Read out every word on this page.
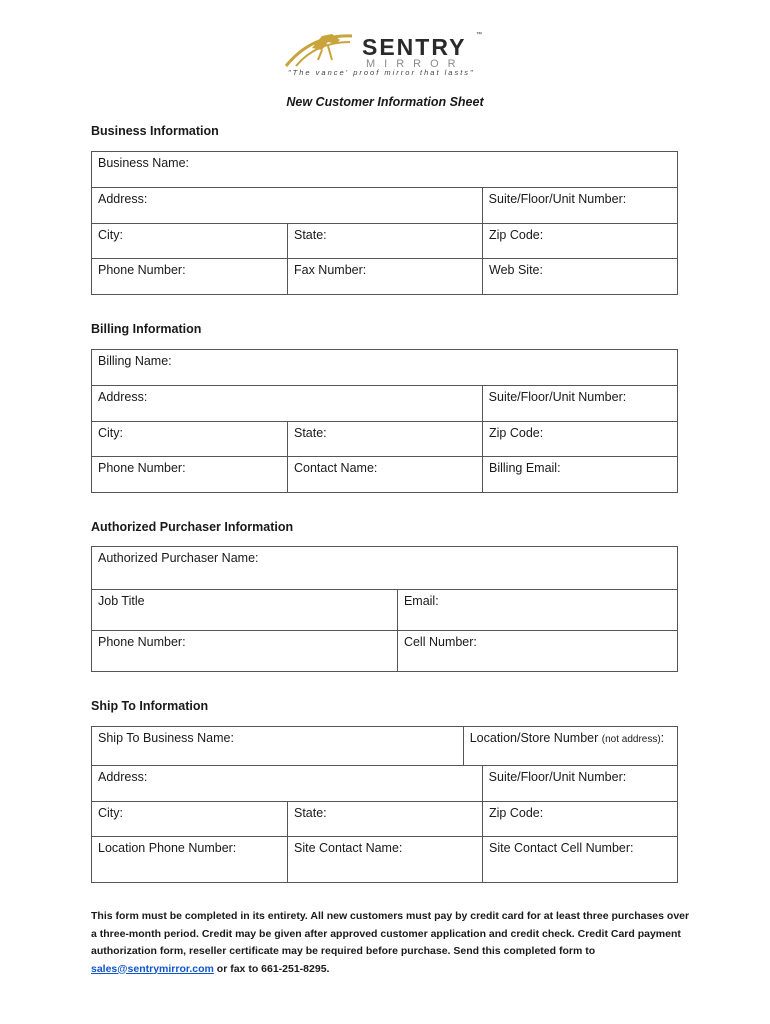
SENTRY ™
MIRROR
"The vance' proof mirror that lasts"
New Customer Information Sheet
Business Information
Business Name:
Address:	Suite/Floor/Unit Number:
City:	State:	Zip Code:
Phone Number:	Fax Number:	Web Site:
Billing Information
Billing Name:
Address:	Suite/Floor/Unit Number:
City:	State:	Zip Code:
Phone Number:	Contact Name:	Billing Email:
Authorized Purchaser Information
Authorized Purchaser Name:
Job Title	Email:
Phone Number:	Cell Number:
Ship To Information
Ship To Business Name:	Location/Store Number (not address):
Address:	Suite/Floor/Unit Number:
City:	State:	Zip Code:
Location Phone Number:	Site Contact Name:	Site Contact Cell Number:
This form must be completed in its entirety. All new customers must pay by credit card for at least three purchases over a three-month period. Credit may be given after approved customer application and credit check. Credit Card payment authorization form, reseller certificate may be required before purchase. Send this completed form to sales@sentrymirror.com or fax to 661-251-8295.
